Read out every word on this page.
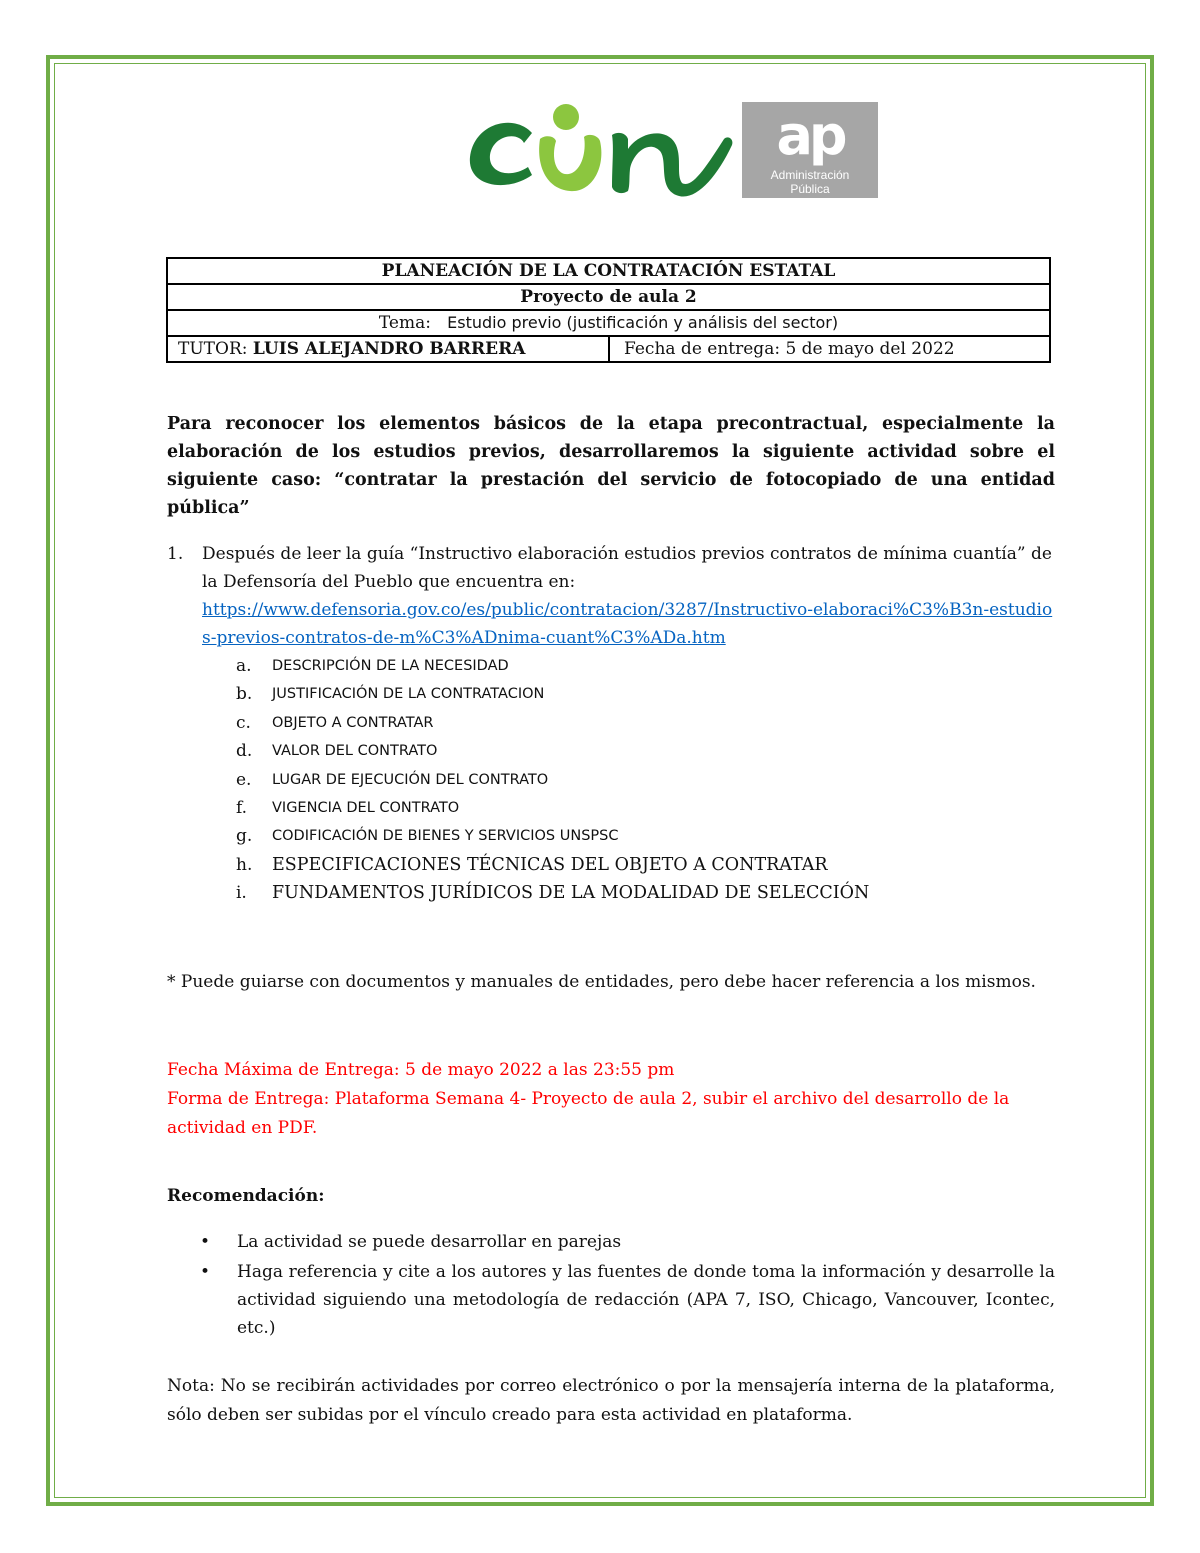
ap
Administración
Pública
PLANEACIÓN DE LA CONTRATACIÓN ESTATAL
Proyecto de aula 2
Tema: Estudio previo (justificación y análisis del sector)
TUTOR: LUIS ALEJANDRO BARRERA	Fecha de entrega: 5 de mayo del 2022

Para reconocer los elementos básicos de la etapa precontractual, especialmente la elaboración de los estudios previos, desarrollaremos la siguiente actividad sobre el siguiente caso: “contratar la prestación del servicio de fotocopiado de una entidad pública”

1. Después de leer la guía “Instructivo elaboración estudios previos contratos de mínima cuantía” de la Defensoría del Pueblo que encuentra en:
https://www.defensoria.gov.co/es/public/contratacion/3287/Instructivo-elaboraci%C3%B3n-estudios-previos-contratos-de-m%C3%ADnima-cuant%C3%ADa.htm
a. DESCRIPCIÓN DE LA NECESIDAD
b. JUSTIFICACIÓN DE LA CONTRATACION
c. OBJETO A CONTRATAR
d. VALOR DEL CONTRATO
e. LUGAR DE EJECUCIÓN DEL CONTRATO
f. VIGENCIA DEL CONTRATO
g. CODIFICACIÓN DE BIENES Y SERVICIOS UNSPSC
h. ESPECIFICACIONES TÉCNICAS DEL OBJETO A CONTRATAR
i. FUNDAMENTOS JURÍDICOS DE LA MODALIDAD DE SELECCIÓN

* Puede guiarse con documentos y manuales de entidades, pero debe hacer referencia a los mismos.

Fecha Máxima de Entrega: 5 de mayo 2022 a las 23:55 pm

Forma de Entrega: Plataforma Semana 4- Proyecto de aula 2, subir el archivo del desarrollo de la actividad en PDF.

Recomendación:

• La actividad se puede desarrollar en parejas
• Haga referencia y cite a los autores y las fuentes de donde toma la información y desarrolle la actividad siguiendo una metodología de redacción (APA 7, ISO, Chicago, Vancouver, Icontec, etc.)

Nota: No se recibirán actividades por correo electrónico o por la mensajería interna de la plataforma, sólo deben ser subidas por el vínculo creado para esta actividad en plataforma.
